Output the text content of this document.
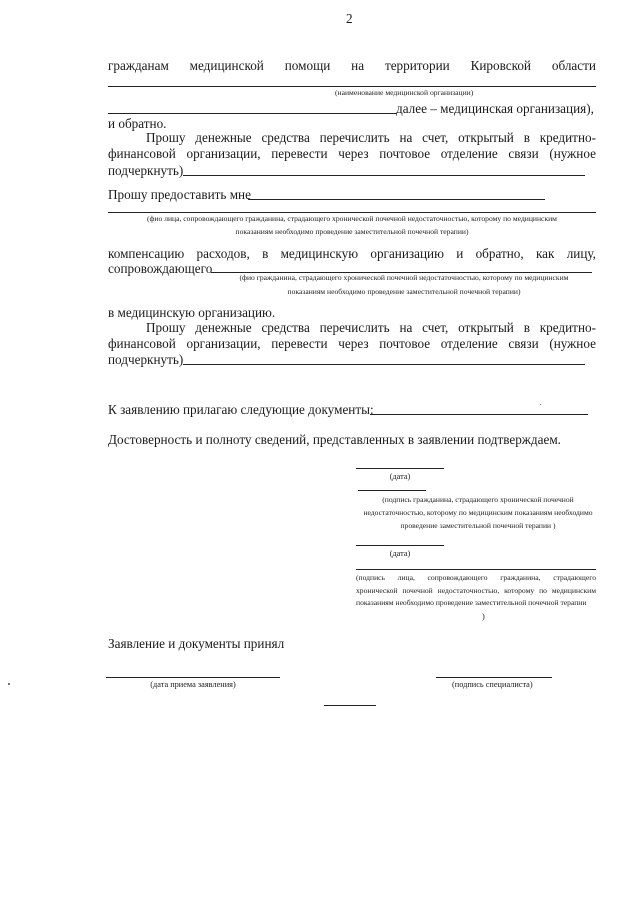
2
гражданам медицинской помощи на территории Кировской области
(наименование медицинской организации)
далее – медицинская организация),
и обратно.
Прошу денежные средства перечислить на счет, открытый в кредитно-
финансовой организации, перевести через почтовое отделение связи (нужное
подчеркнуть)
Прошу предоставить мне
(фио лица, сопровождающего гражданина, страдающего хронической почечной недостаточностью, которому по медицинским
показаниям необходимо проведение заместительной почечной терапии)
компенсацию расходов, в медицинскую организацию и обратно, как лицу,
сопровождающего
(фио гражданина, страдающего хронической почечной недостаточностью, которому по медицинским
показаниям необходимо проведение заместительной почечной терапии)
в медицинскую организацию.
Прошу денежные средства перечислить на счет, открытый в кредитно-
финансовой организации, перевести через почтовое отделение связи (нужное
подчеркнуть)
К заявлению прилагаю следующие документы:
Достоверность и полноту сведений, представленных в заявлении подтверждаем.
(дата)
(подпись гражданина, страдающего хронической почечной недостаточностью, которому по медицинским показаниям необходимо проведение заместительной почечной терапии )
(дата)
(подпись лица, сопровождающего гражданина, страдающего хронической почечной недостаточностью, которому по медицинским показаниям необходимо проведение заместительной почечной терапии
)
Заявление и документы принял
(дата приема заявления)	(подпись специалиста)
